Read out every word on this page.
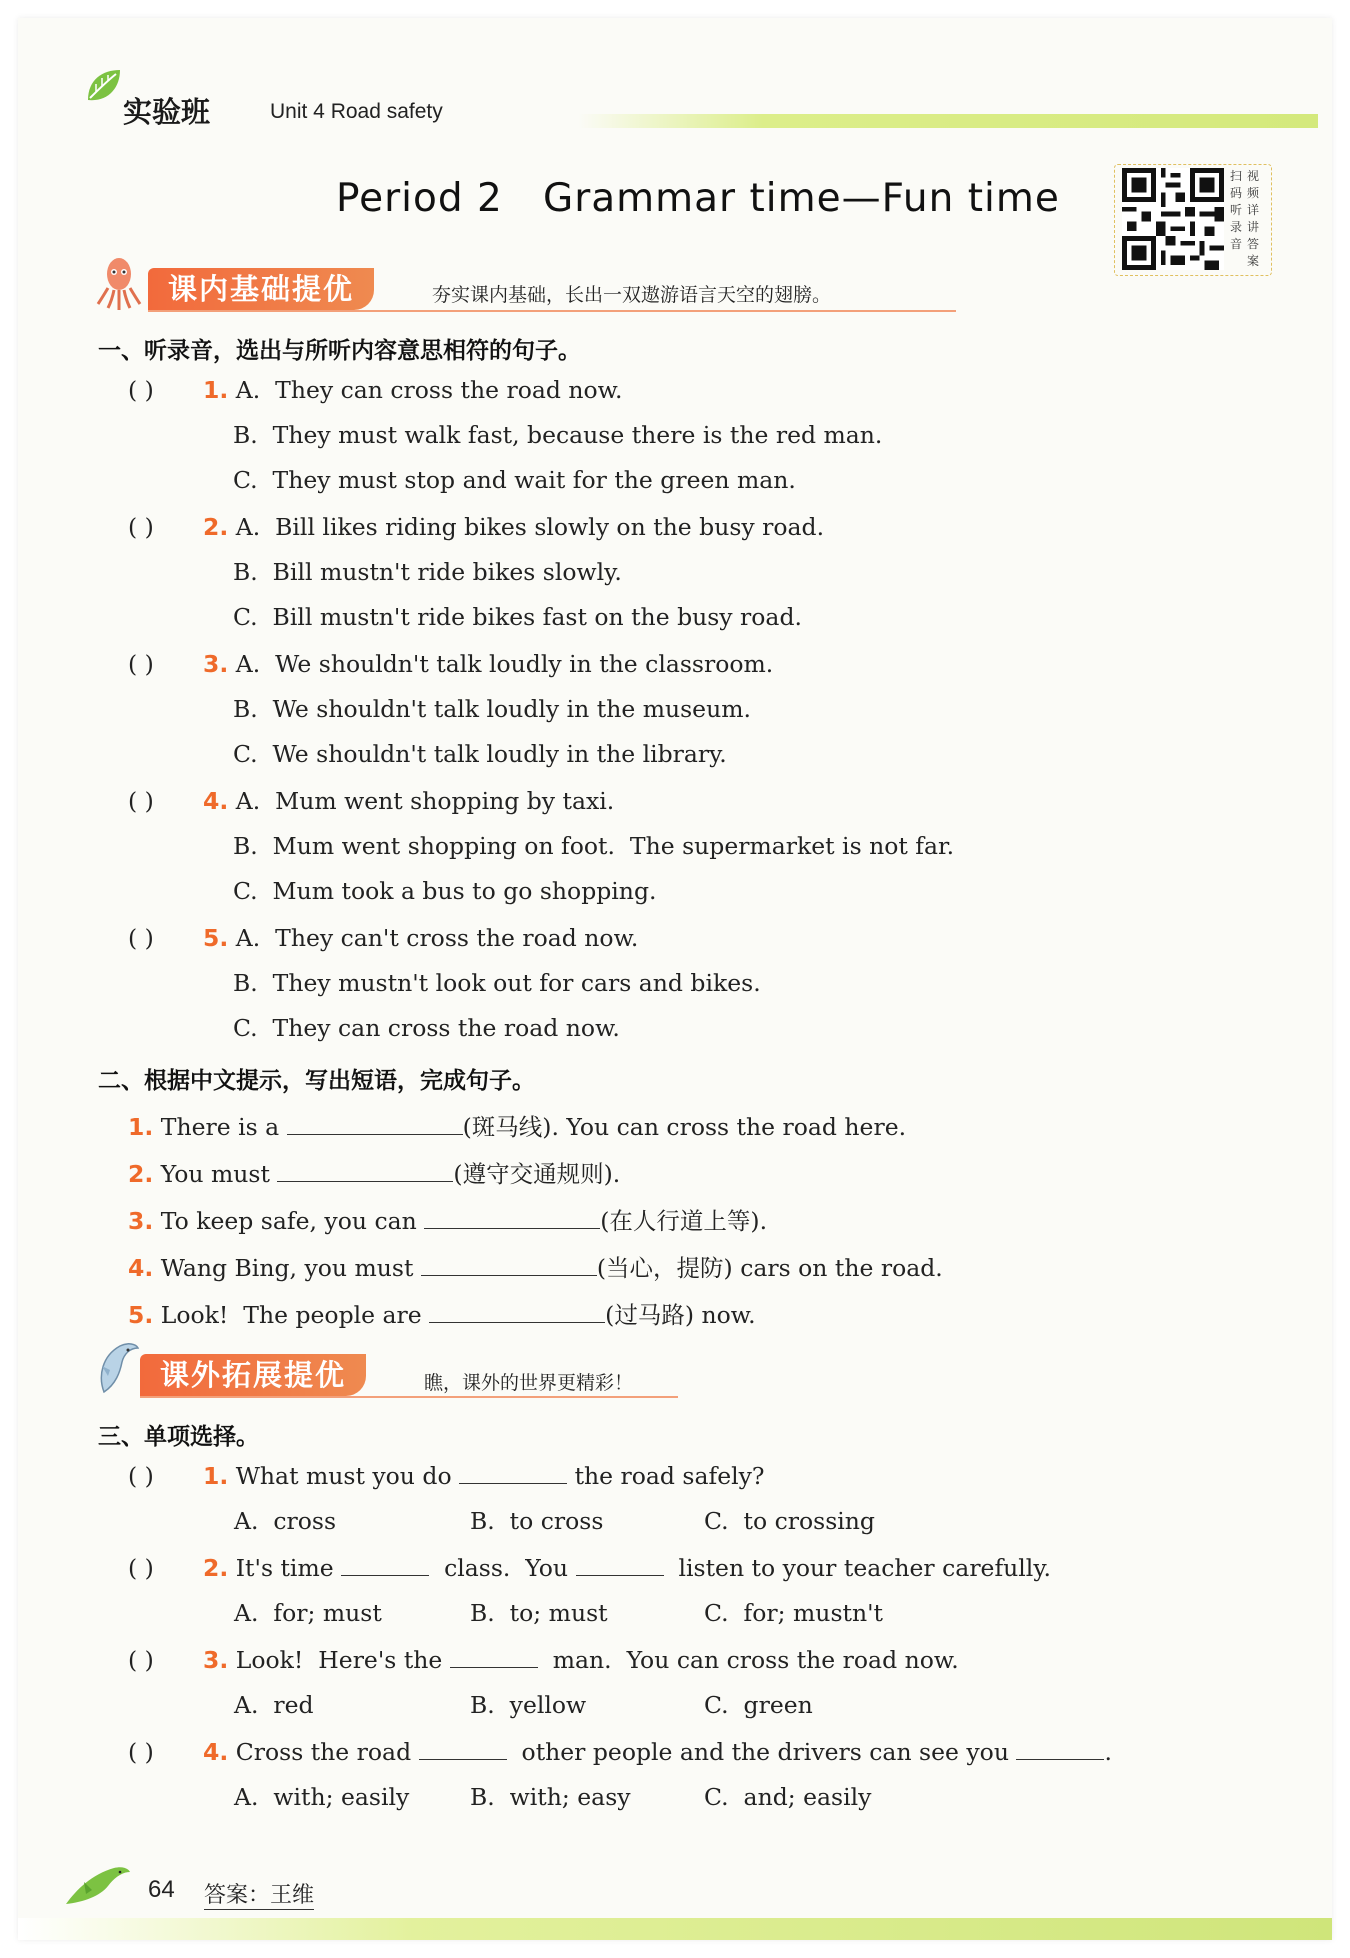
实验班	Unit 4 Road safety
Period 2   Grammar time—Fun time	扫码听录音
视频详讲答案
课内基础提优	夯实课内基础，长出一双遨游语言天空的翅膀。
一、听录音，选出与所听内容意思相符的句子。
( ) 1. A.  They can cross the road now.
B.  They must walk fast, because there is the red man.
C.  They must stop and wait for the green man.
( ) 2. A.  Bill likes riding bikes slowly on the busy road.
B.  Bill mustn't ride bikes slowly.
C.  Bill mustn't ride bikes fast on the busy road.
( ) 3. A.  We shouldn't talk loudly in the classroom.
B.  We shouldn't talk loudly in the museum.
C.  We shouldn't talk loudly in the library.
( ) 4. A.  Mum went shopping by taxi.
B.  Mum went shopping on foot.  The supermarket is not far.
C.  Mum took a bus to go shopping.
( ) 5. A.  They can't cross the road now.
B.  They mustn't look out for cars and bikes.
C.  They can cross the road now.
二、根据中文提示，写出短语，完成句子。
1. There is a	(斑马线). You can cross the road here.
2. You must	(遵守交通规则).
3. To keep safe, you can	(在人行道上等).
4. Wang Bing, you must	(当心，提防) cars on the road.
5. Look!  The people are	(过马路) now.
课外拓展提优	瞧，课外的世界更精彩！
三、单项选择。
( ) 1. What must you do	the road safely?
A.  cross	B.  to cross	C.  to crossing
( ) 2. It's time	class.  You	listen to your teacher carefully.
A.  for; must	B.  to; must	C.  for; mustn't
( ) 3. Look!  Here's the	man.  You can cross the road now.
A.  red	B.  yellow	C.  green
( ) 4. Cross the road	other people and the drivers can see you	.
A.  with; easily	B.  with; easy	C.  and; easily
64 答案：王维
